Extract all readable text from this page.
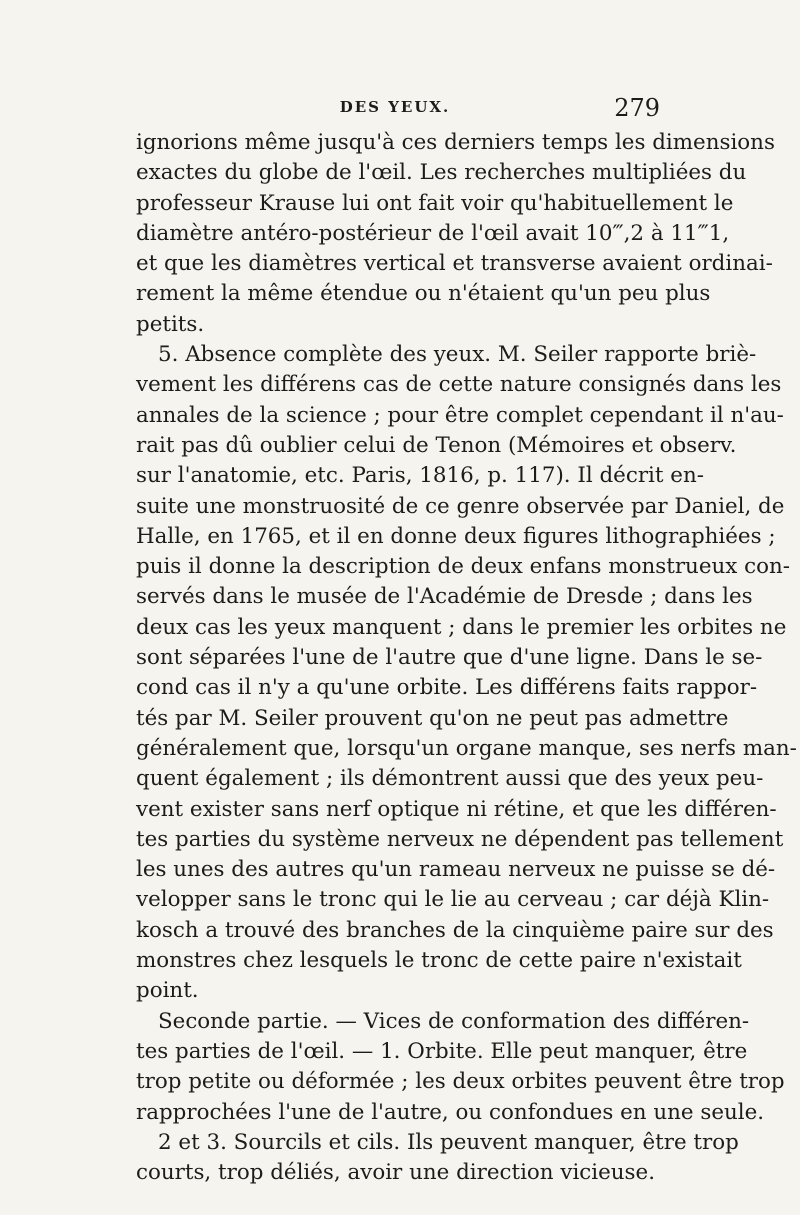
DES YEUX.	279
ignorions même jusqu'à ces derniers temps les dimensions
exactes du globe de l'œil. Les recherches multipliées du
professeur Krause lui ont fait voir qu'habituellement le
diamètre antéro-postérieur de l'œil avait 10‴,2 à 11‴1,
et que les diamètres vertical et transverse avaient ordinai-
rement la même étendue ou n'étaient qu'un peu plus
petits.
5. Absence complète des yeux. M. Seiler rapporte briè-
vement les différens cas de cette nature consignés dans les
annales de la science ; pour être complet cependant il n'au-
rait pas dû oublier celui de Tenon (Mémoires et observ.
sur l'anatomie, etc. Paris, 1816, p. 117). Il décrit en-
suite une monstruosité de ce genre observée par Daniel, de
Halle, en 1765, et il en donne deux figures lithographiées ;
puis il donne la description de deux enfans monstrueux con-
servés dans le musée de l'Académie de Dresde ; dans les
deux cas les yeux manquent ; dans le premier les orbites ne
sont séparées l'une de l'autre que d'une ligne. Dans le se-
cond cas il n'y a qu'une orbite. Les différens faits rappor-
tés par M. Seiler prouvent qu'on ne peut pas admettre
généralement que, lorsqu'un organe manque, ses nerfs man-
quent également ; ils démontrent aussi que des yeux peu-
vent exister sans nerf optique ni rétine, et que les différen-
tes parties du système nerveux ne dépendent pas tellement
les unes des autres qu'un rameau nerveux ne puisse se dé-
velopper sans le tronc qui le lie au cerveau ; car déjà Klin-
kosch a trouvé des branches de la cinquième paire sur des
monstres chez lesquels le tronc de cette paire n'existait
point.
Seconde partie. — Vices de conformation des différen-
tes parties de l'œil. — 1. Orbite. Elle peut manquer, être
trop petite ou déformée ; les deux orbites peuvent être trop
rapprochées l'une de l'autre, ou confondues en une seule.
2 et 3. Sourcils et cils. Ils peuvent manquer, être trop
courts, trop déliés, avoir une direction vicieuse.
